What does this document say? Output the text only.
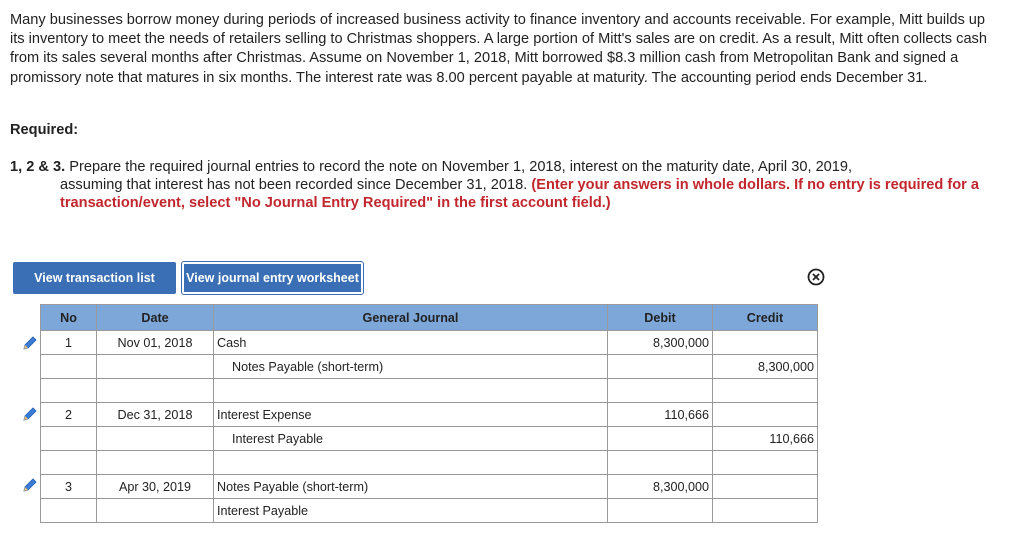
Many businesses borrow money during periods of increased business activity to finance inventory and accounts receivable. For example, Mitt builds up its inventory to meet the needs of retailers selling to Christmas shoppers. A large portion of Mitt's sales are on credit. As a result, Mitt often collects cash from its sales several months after Christmas. Assume on November 1, 2018, Mitt borrowed $8.3 million cash from Metropolitan Bank and signed a promissory note that matures in six months. The interest rate was 8.00 percent payable at maturity. The accounting period ends December 31.

Required:
1, 2 & 3. Prepare the required journal entries to record the note on November 1, 2018, interest on the maturity date, April 30, 2019,
assuming that interest has not been recorded since December 31, 2018. (Enter your answers in whole dollars. If no entry is required for a transaction/event, select "No Journal Entry Required" in the first account field.)
View transaction list	View journal entry worksheet
No	Date	General Journal	Debit	Credit
1	Nov 01, 2018	Cash	8,300,000	
		Notes Payable (short-term)		8,300,000

2	Dec 31, 2018	Interest Expense	110,666	
		Interest Payable		110,666

3	Apr 30, 2019	Notes Payable (short-term)	8,300,000	
		Interest Payable		
